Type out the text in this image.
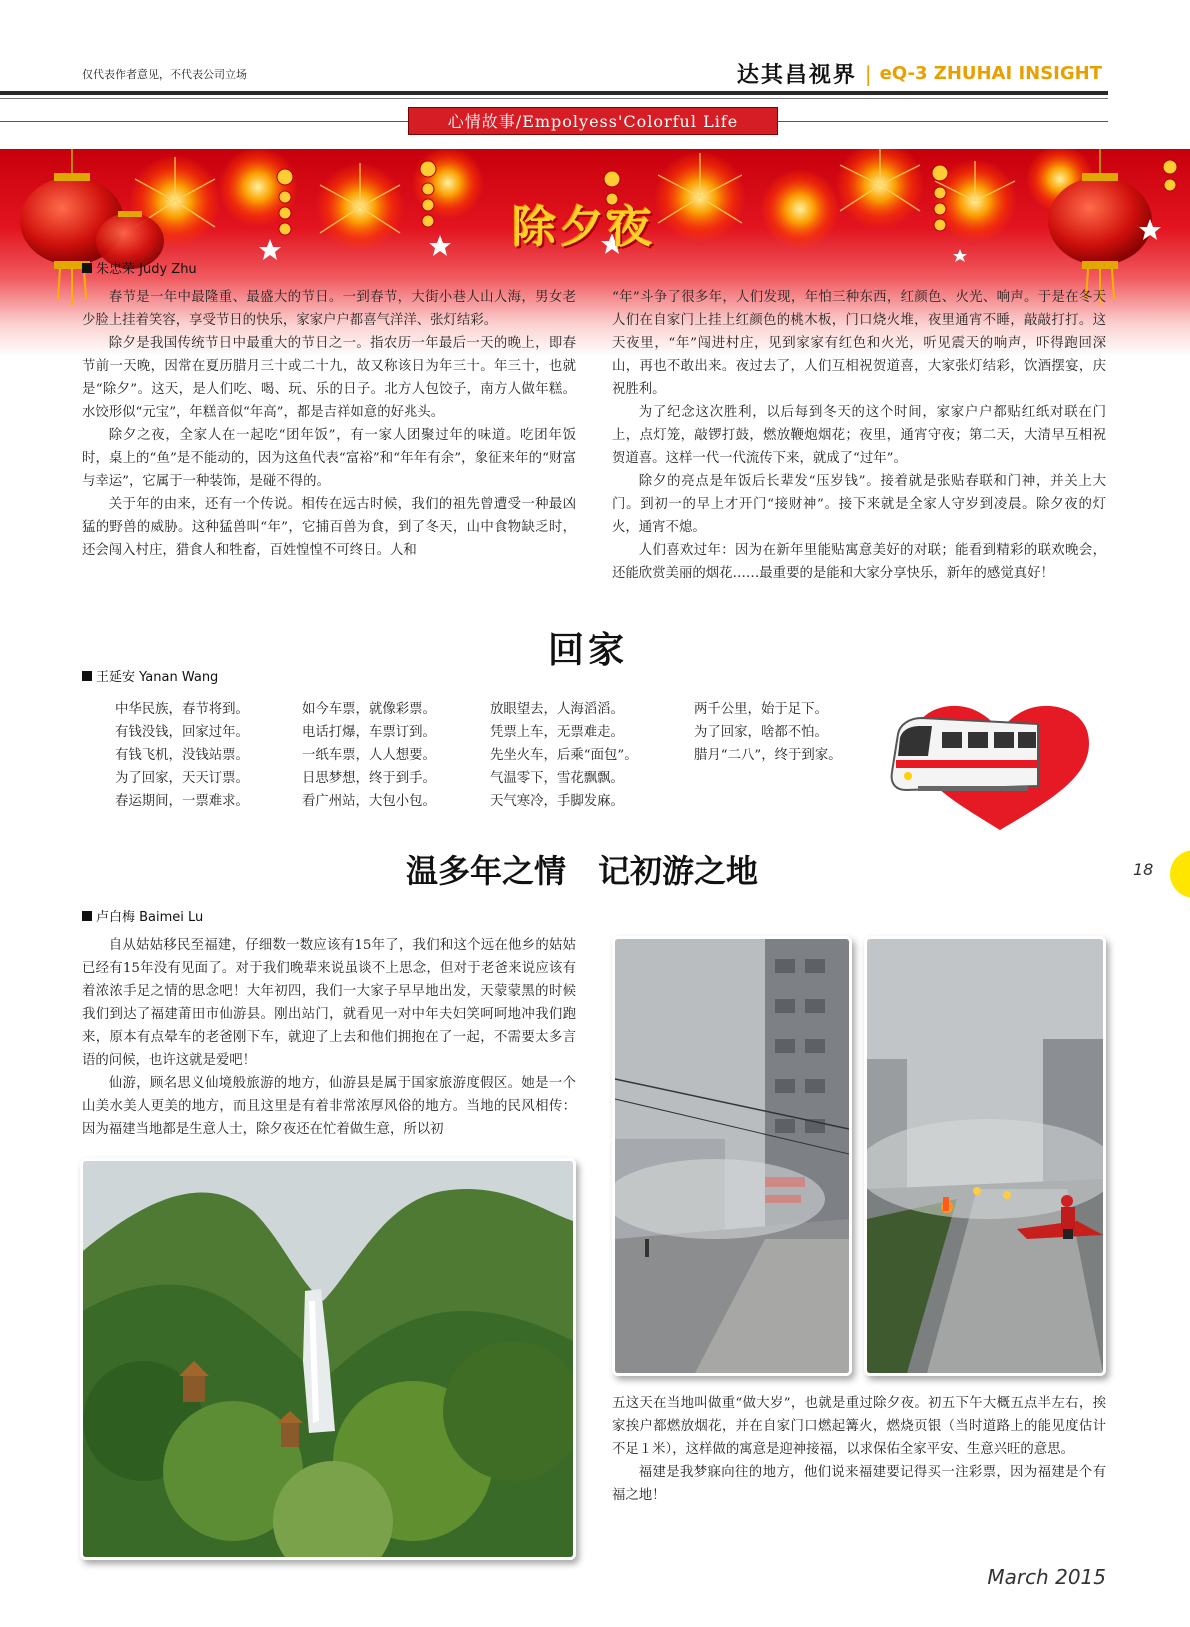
仅代表作者意见，不代表公司立场	达其昌视界 | eQ-3 ZHUHAI INSIGHT
心情故事/Empolyess'Colorful Life
除夕夜
朱忠荣 Judy Zhu

春节是一年中最隆重、最盛大的节日。一到春节，大街小巷人山人海，男女老少脸上挂着笑容，享受节日的快乐，家家户户都喜气洋洋、张灯结彩。

除夕是我国传统节日中最重大的节日之一。指农历一年最后一天的晚上，即春节前一天晚，因常在夏历腊月三十或二十九，故又称该日为年三十。年三十，也就是“除夕”。这天，是人们吃、喝、玩、乐的日子。北方人包饺子，南方人做年糕。水饺形似“元宝”，年糕音似“年高”，都是吉祥如意的好兆头。

除夕之夜，全家人在一起吃“团年饭”，有一家人团聚过年的味道。吃团年饭时，桌上的“鱼”是不能动的，因为这鱼代表“富裕”和“年年有余”，象征来年的“财富与幸运”，它属于一种装饰，是碰不得的。

关于年的由来，还有一个传说。相传在远古时候，我们的祖先曾遭受一种最凶猛的野兽的威胁。这种猛兽叫“年”，它捕百兽为食，到了冬天，山中食物缺乏时，还会闯入村庄，猎食人和牲畜，百姓惶惶不可终日。人和

“年”斗争了很多年，人们发现，年怕三种东西，红颜色、火光、响声。于是在冬天人们在自家门上挂上红颜色的桃木板，门口烧火堆，夜里通宵不睡，敲敲打打。这天夜里，“年”闯进村庄，见到家家有红色和火光，听见震天的响声，吓得跑回深山，再也不敢出来。夜过去了，人们互相祝贺道喜，大家张灯结彩，饮酒摆宴，庆祝胜利。

为了纪念这次胜利，以后每到冬天的这个时间，家家户户都贴红纸对联在门上，点灯笼，敲锣打鼓，燃放鞭炮烟花；夜里，通宵守夜；第二天，大清早互相祝贺道喜。这样一代一代流传下来，就成了“过年”。

除夕的亮点是年饭后长辈发“压岁钱”。接着就是张贴春联和门神，并关上大门。到初一的早上才开门“接财神”。接下来就是全家人守岁到凌晨。除夕夜的灯火，通宵不熄。

人们喜欢过年：因为在新年里能贴寓意美好的对联；能看到精彩的联欢晚会，还能欣赏美丽的烟花……最重要的是能和大家分享快乐，新年的感觉真好！

回家
王延安 Yanan Wang
中华民族，春节将到。
有钱没钱，回家过年。
有钱飞机，没钱站票。
为了回家，天天订票。
春运期间，一票难求。
如今车票，就像彩票。
电话打爆，车票订到。
一纸车票，人人想要。
日思梦想，终于到手。
看广州站，大包小包。
放眼望去，人海滔滔。
凭票上车，无票难走。
先坐火车，后乘“面包”。
气温零下，雪花飘飘。
天气寒冷，手脚发麻。
两千公里，始于足下。
为了回家，啥都不怕。
腊月“二八”，终于到家。
温多年之情　记初游之地
卢白梅 Baimei Lu

自从姑姑移民至福建，仔细数一数应该有15年了，我们和这个远在他乡的姑姑已经有15年没有见面了。对于我们晚辈来说虽谈不上思念，但对于老爸来说应该有着浓浓手足之情的思念吧！大年初四，我们一大家子早早地出发，天蒙蒙黑的时候我们到达了福建莆田市仙游县。刚出站门，就看见一对中年夫妇笑呵呵地冲我们跑来，原本有点晕车的老爸刚下车，就迎了上去和他们拥抱在了一起，不需要太多言语的问候，也许这就是爱吧！

仙游，顾名思义仙境般旅游的地方，仙游县是属于国家旅游度假区。她是一个山美水美人更美的地方，而且这里是有着非常浓厚风俗的地方。当地的民风相传：因为福建当地都是生意人士，除夕夜还在忙着做生意，所以初

五这天在当地叫做重“做大岁”，也就是重过除夕夜。初五下午大概五点半左右，挨家挨户都燃放烟花，并在自家门口燃起篝火，燃烧页银（当时道路上的能见度估计不足１米），这样做的寓意是迎神接福，以求保佑全家平安、生意兴旺的意思。

福建是我梦寐向往的地方，他们说来福建要记得买一注彩票，因为福建是个有福之地！

18
March 2015
